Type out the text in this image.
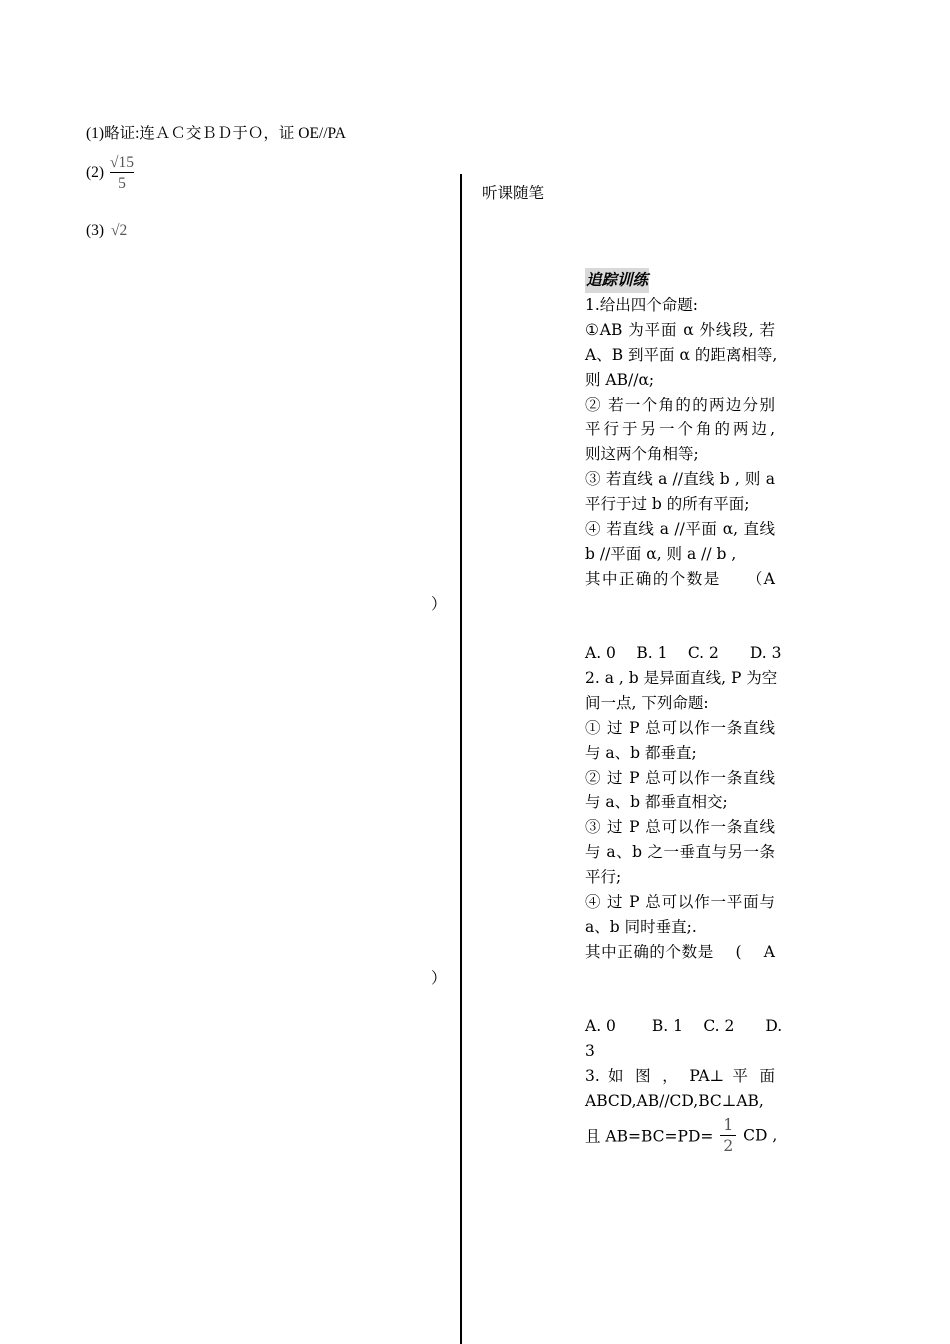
(1)略证:连ＡＣ交ＢＤ于Ｏ，证 OE//PA
$(2) \frac{√15}{5}$
(3) √2
听课随笔
追踪训练
1.给出四个命题:
①AB 为平面 α 外线段, 若
A、B 到平面 α 的距离相等,
则 AB//α;
② 若一个角的的两边分别
平行于另一个角的两边,
则这两个角相等;
③ 若直线 a //直线 b , 则 a
平行于过 b 的所有平面;
④ 若直线 a //平面 α, 直线
b //平面 α, 则 a // b ,
其中正确的个数是　　（A
）
A. 0　 B. 1　 C. 2　　D. 3
2. a , b 是异面直线, P 为空
间一点, 下列命题:
① 过 P 总可以作一条直线
与 a、b 都垂直;
② 过 P 总可以作一条直线
与 a、b 都垂直相交;
③ 过 P 总可以作一条直线
与 a、b 之一垂直与另一条
平行;
④ 过 P 总可以作一平面与
a、b 同时垂直;.
其中正确的个数是　 (　 A
）
A. 0　　 B. 1　 C. 2　　D.
3
3. 如 图 ， PA⊥ 平 面
ABCD,AB//CD,BC⊥AB,
且 $AB=BC=PD= \frac{1}{2}$ CD ,
